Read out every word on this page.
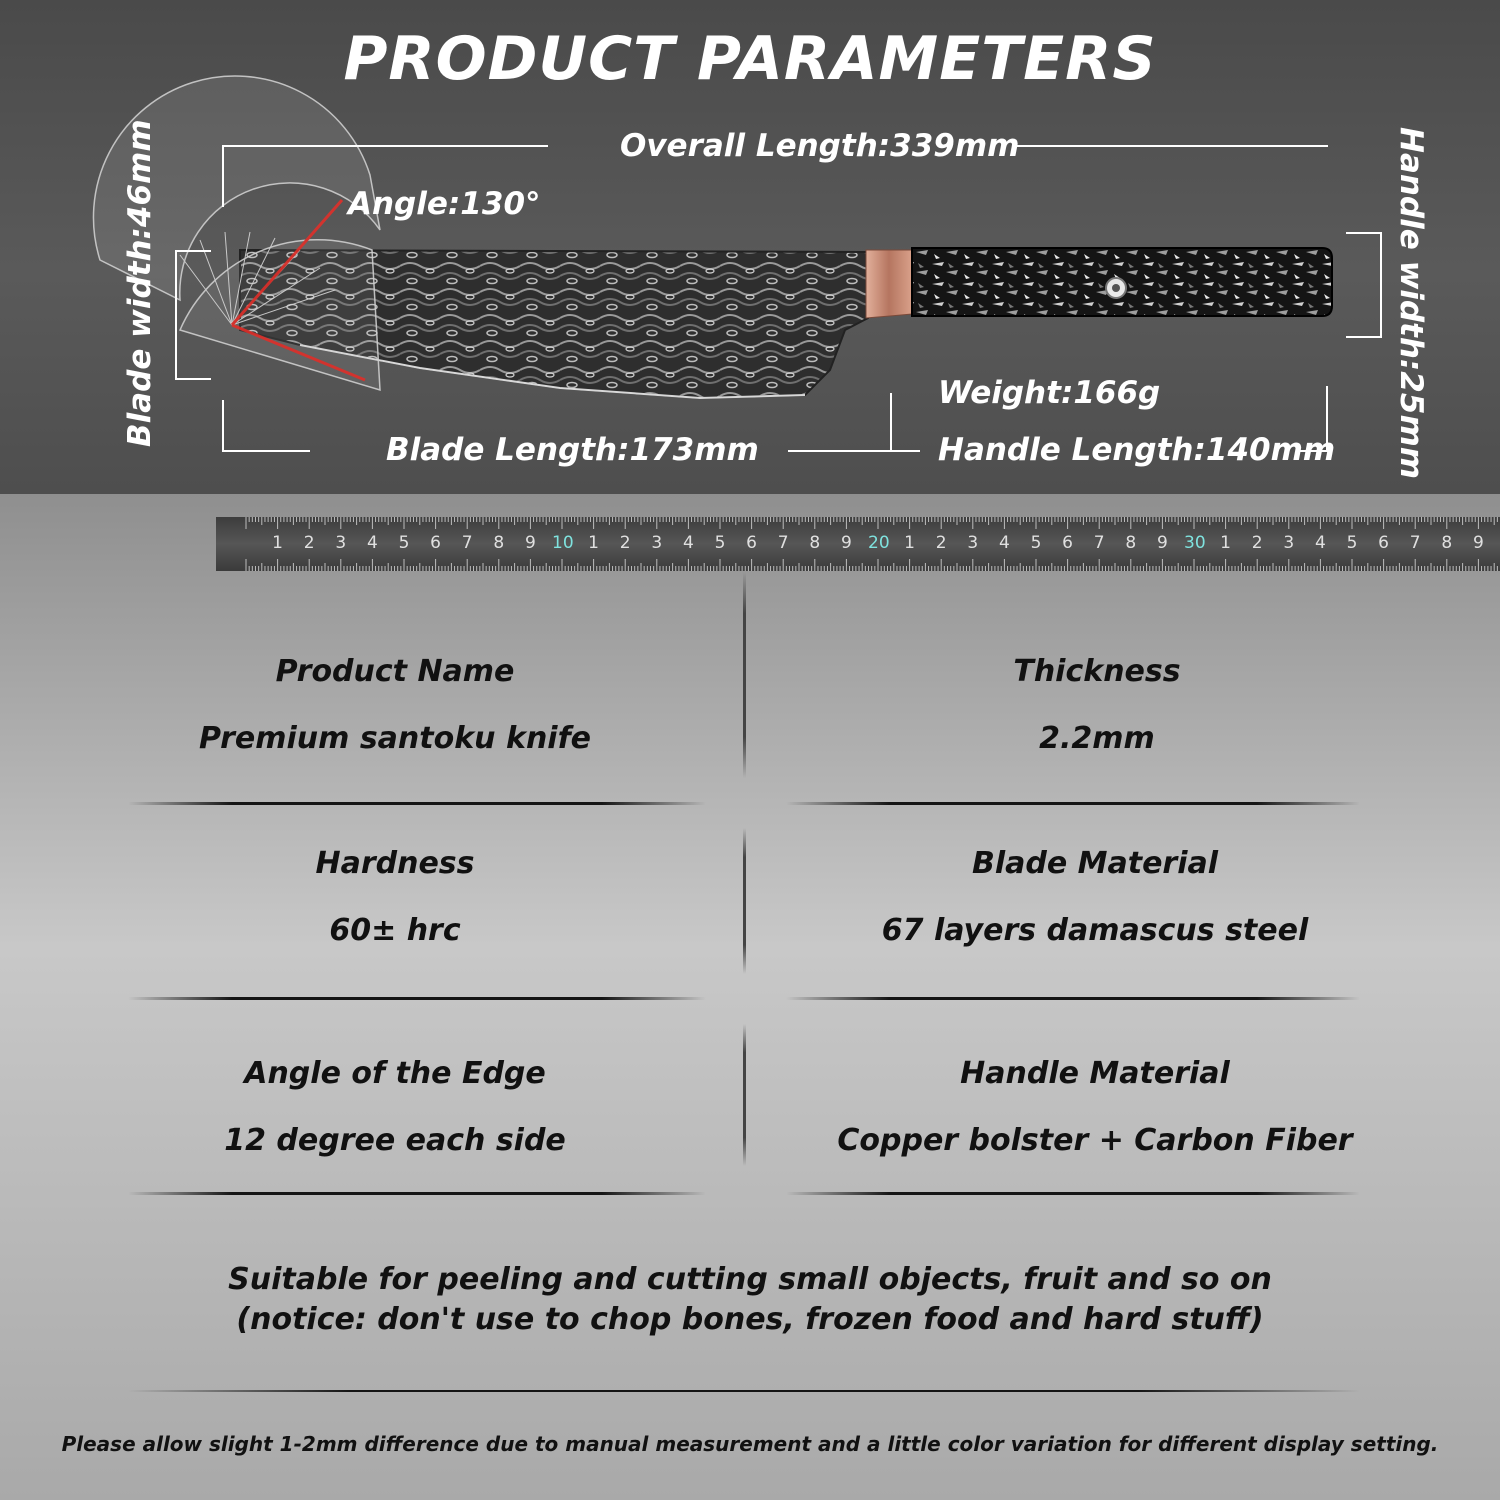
PRODUCT PARAMETERS
Overall Length:339mm
Angle:130°
Weight:166g
Blade Length:173mm	Handle Length:140mm
Blade width:46mm	Handle width:25mm
1 2 3 4 5 6 7 8 9 10 1 2 3 4 5 6 7 8 9 20 1 2 3 4 5 6 7 8 9 30 1 2 3 4 5 6 7 8 9
Product Name
Premium santoku knife
Thickness
2.2mm
Hardness
60± hrc
Blade Material
67 layers damascus steel
Angle of the Edge
12 degree each side
Handle Material
Copper bolster + Carbon Fiber
Suitable for peeling and cutting small objects, fruit and so on
(notice: don't use to chop bones, frozen food and hard stuff)
Please allow slight 1-2mm difference due to manual measurement and a little color variation for different display setting.
